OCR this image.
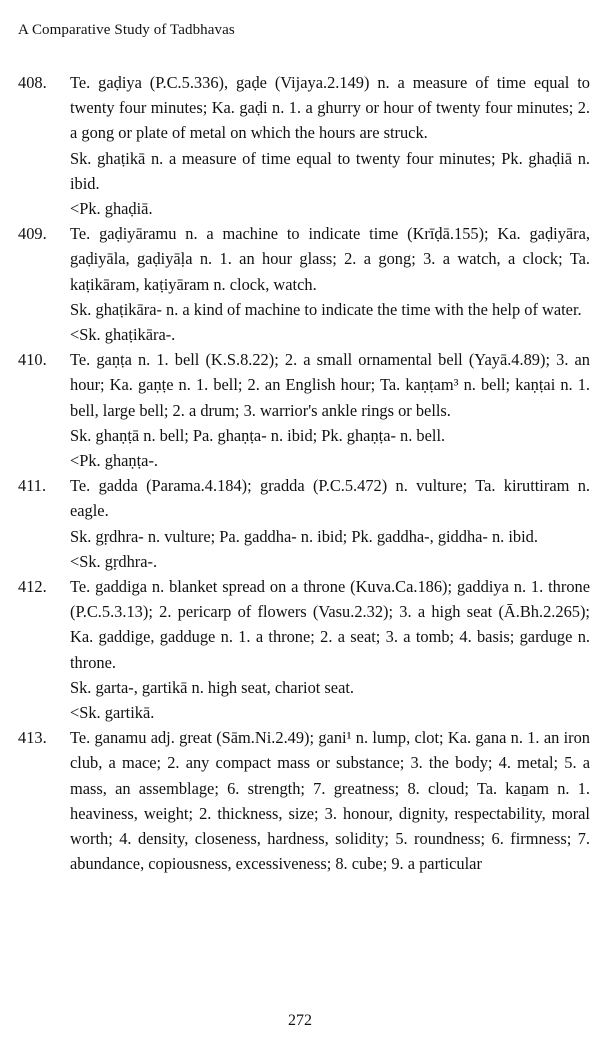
A Comparative Study of Tadbhavas
408.	Te. gaḍiya (P.C.5.336), gaḍe (Vijaya.2.149) n. a measure of time equal to twenty four minutes; Ka. gaḍi n. 1. a ghurry or hour of twenty four minutes; 2. a gong or plate of metal on which the hours are struck.

Sk. ghaṭikā n. a measure of time equal to twenty four minutes; Pk. ghaḍiā n. ibid.

<Pk. ghaḍiā.

409.	Te. gaḍiyāramu n. a machine to indicate time (Krīḍā.155); Ka. gaḍiyāra, gaḍiyāla, gaḍiyāḷa n. 1. an hour glass; 2. a gong; 3. a watch, a clock; Ta. kaṭikāram, kaṭiyāram n. clock, watch.

Sk. ghaṭikāra- n. a kind of machine to indicate the time with the help of water.

<Sk. ghaṭikāra-.

410.	Te. gaṇṭa n. 1. bell (K.S.8.22); 2. a small ornamental bell (Yayā.4.89); 3. an hour; Ka. gaṇṭe n. 1. bell; 2. an English hour; Ta. kaṇṭam³ n. bell; kaṇṭai n. 1. bell, large bell; 2. a drum; 3. warrior's ankle rings or bells.

Sk. ghaṇṭā n. bell; Pa. ghaṇṭa- n. ibid; Pk. ghaṇṭa- n. bell.

<Pk. ghaṇṭa-.

411.	Te. gadda (Parama.4.184); gradda (P.C.5.472) n. vulture; Ta. kiruttiram n. eagle.

Sk. gṛdhra- n. vulture; Pa. gaddha- n. ibid; Pk. gaddha-, giddha- n. ibid.

<Sk. gṛdhra-.

412.	Te. gaddiga n. blanket spread on a throne (Kuva.Ca.186); gaddiya n. 1. throne (P.C.5.3.13); 2. pericarp of flowers (Vasu.2.32); 3. a high seat (Ā.Bh.2.265); Ka. gaddige, gadduge n. 1. a throne; 2. a seat; 3. a tomb; 4. basis; garduge n. throne.

Sk. garta-, gartikā n. high seat, chariot seat.

<Sk. gartikā.

413.	Te. ganamu adj. great (Sām.Ni.2.49); gani¹ n. lump, clot; Ka. gana n. 1. an iron club, a mace; 2. any compact mass or substance; 3. the body; 4. metal; 5. a mass, an assemblage; 6. strength; 7. greatness; 8. cloud; Ta. kaṉam n. 1. heaviness, weight; 2. thickness, size; 3. honour, dignity, respectability, moral worth; 4. density, closeness, hardness, solidity; 5. roundness; 6. firmness; 7. abundance, copiousness, excessiveness; 8. cube; 9. a particular

272
